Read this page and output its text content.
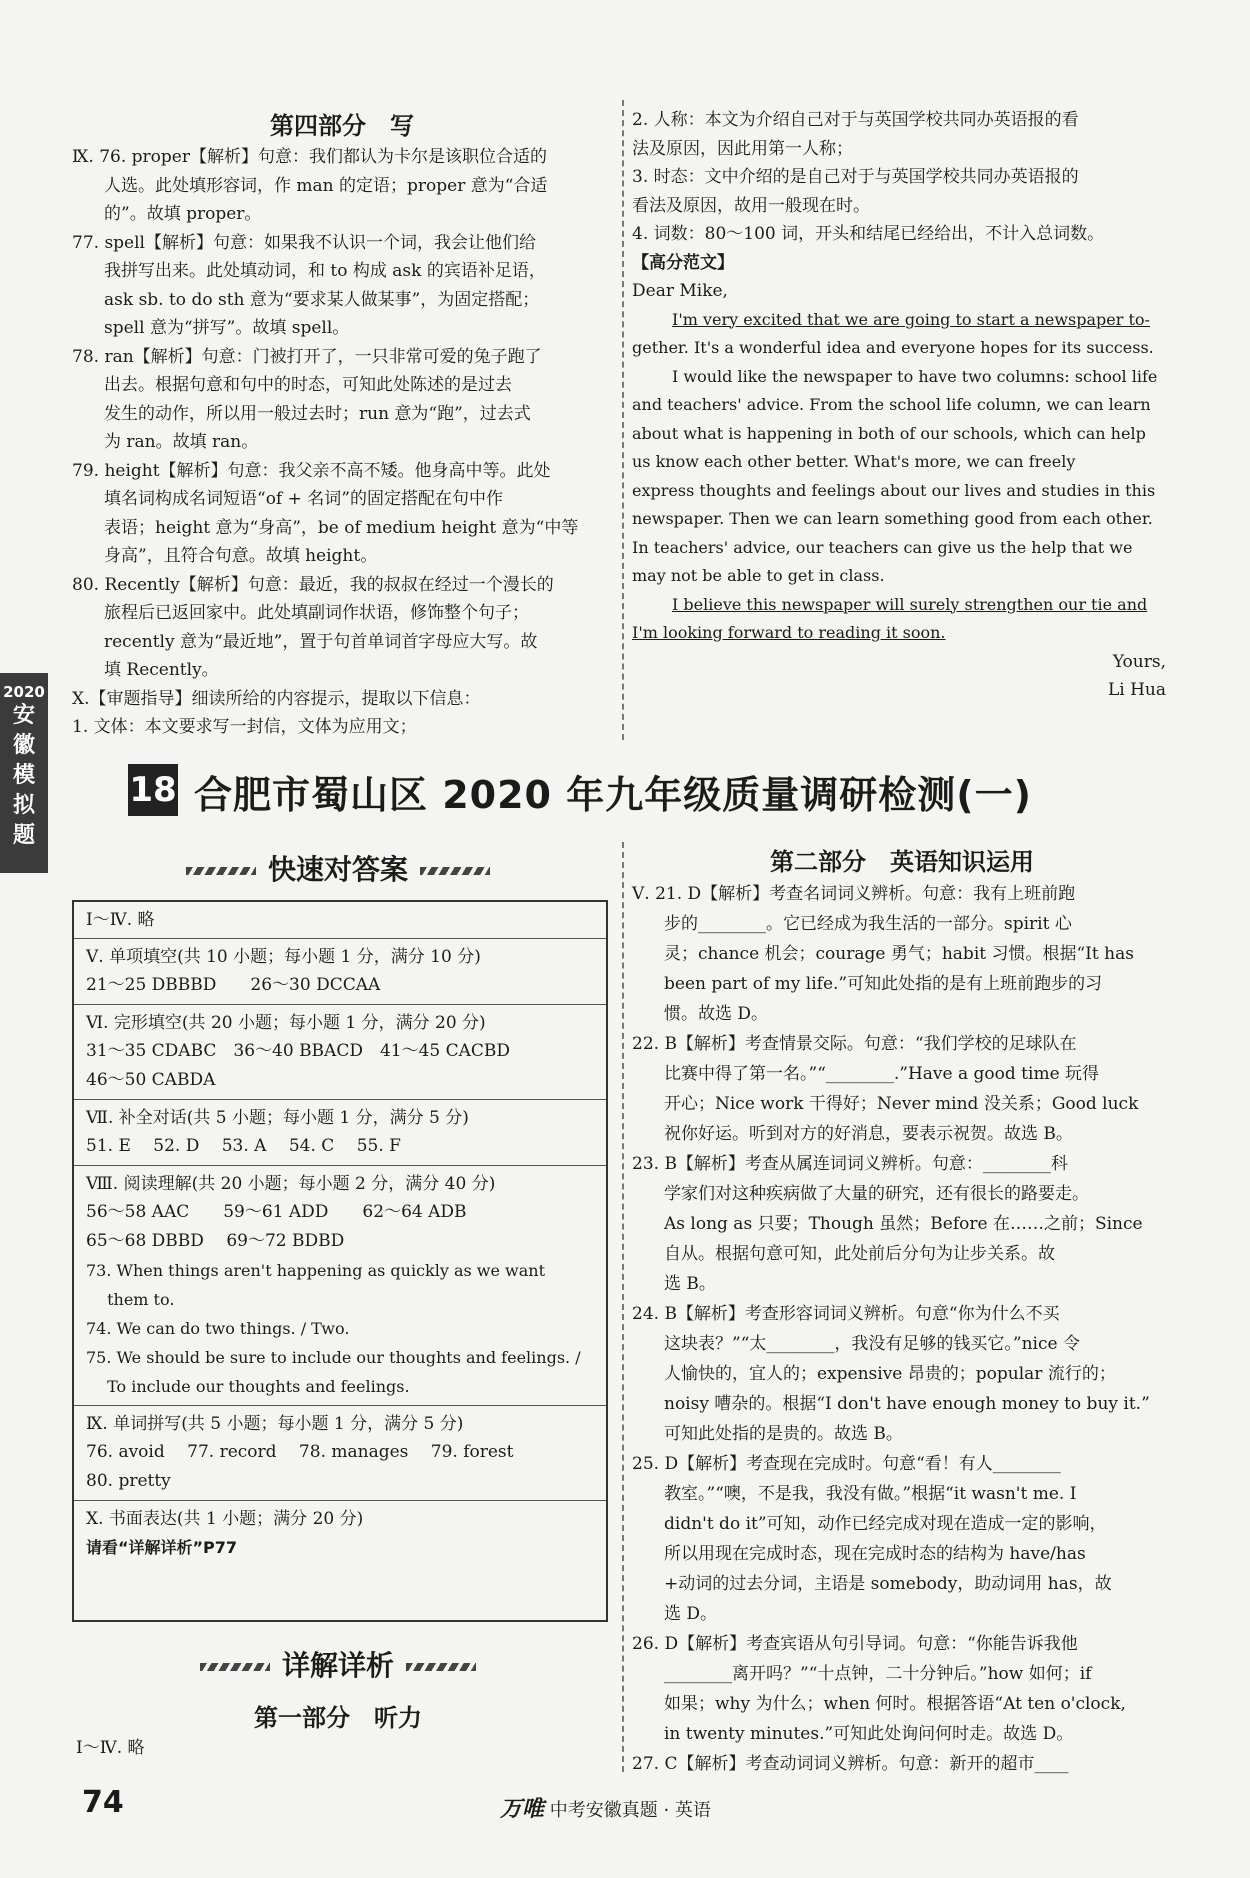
2020
安
徽
模
拟
题
第四部分　写
Ⅸ. 76. proper【解析】句意：我们都认为卡尔是该职位合适的
人选。此处填形容词，作 man 的定语；proper 意为“合适
的”。故填 proper。
77. spell【解析】句意：如果我不认识一个词，我会让他们给
我拼写出来。此处填动词，和 to 构成 ask 的宾语补足语，
ask sb. to do sth 意为“要求某人做某事”，为固定搭配；
spell 意为“拼写”。故填 spell。
78. ran【解析】句意：门被打开了，一只非常可爱的兔子跑了
出去。根据句意和句中的时态，可知此处陈述的是过去
发生的动作，所以用一般过去时；run 意为“跑”，过去式
为 ran。故填 ran。
79. height【解析】句意：我父亲不高不矮。他身高中等。此处
填名词构成名词短语“of + 名词”的固定搭配在句中作
表语；height 意为“身高”，be of medium height 意为“中等
身高”，且符合句意。故填 height。
80. Recently【解析】句意：最近，我的叔叔在经过一个漫长的
旅程后已返回家中。此处填副词作状语，修饰整个句子；
recently 意为“最近地”，置于句首单词首字母应大写。故
填 Recently。
Ⅹ.【审题指导】细读所给的内容提示，提取以下信息：
1. 文体：本文要求写一封信，文体为应用文；
2. 人称：本文为介绍自己对于与英国学校共同办英语报的看
法及原因，因此用第一人称；
3. 时态：文中介绍的是自己对于与英国学校共同办英语报的
看法及原因，故用一般现在时。
4. 词数：80～100 词，开头和结尾已经给出，不计入总词数。
【高分范文】
Dear Mike,
I'm very excited that we are going to start a newspaper to-
gether. It's a wonderful idea and everyone hopes for its success.
I would like the newspaper to have two columns: school life
and teachers' advice. From the school life column, we can learn
about what is happening in both of our schools, which can help
us know each other better. What's more, we can freely
express thoughts and feelings about our lives and studies in this
newspaper. Then we can learn something good from each other.
In teachers' advice, our teachers can give us the help that we
may not be able to get in class.
I believe this newspaper will surely strengthen our tie and
I'm looking forward to reading it soon.
Yours,
Li Hua
18 合肥市蜀山区 2020 年九年级质量调研检测(一)
快速对答案
Ⅰ～Ⅳ. 略
Ⅴ. 单项填空(共 10 小题；每小题 1 分，满分 10 分)
21～25 DBBBD　　26～30 DCCAA
Ⅵ. 完形填空(共 20 小题；每小题 1 分，满分 20 分)
31～35 CDABC　36～40 BBACD　41～45 CACBD
46～50 CABDA
Ⅶ. 补全对话(共 5 小题；每小题 1 分，满分 5 分)
51. E　 52. D　 53. A　 54. C　 55. F
Ⅷ. 阅读理解(共 20 小题；每小题 2 分，满分 40 分)
56～58 AAC　　59～61 ADD　　62～64 ADB
65～68 DBBD　 69～72 BDBD
73. When things aren't happening as quickly as we want
　 them to.
74. We can do two things. / Two.
75. We should be sure to include our thoughts and feelings. /
　 To include our thoughts and feelings.
Ⅸ. 单词拼写(共 5 小题；每小题 1 分，满分 5 分)
76. avoid　 77. record　 78. manages　 79. forest
80. pretty
Ⅹ. 书面表达(共 1 小题；满分 20 分)
请看“详解详析”P77
详解详析
第一部分　听力
Ⅰ～Ⅳ. 略
第二部分　英语知识运用
Ⅴ. 21. D【解析】考查名词词义辨析。句意：我有上班前跑
步的________。它已经成为我生活的一部分。spirit 心
灵；chance 机会；courage 勇气；habit 习惯。根据“It has
been part of my life.”可知此处指的是有上班前跑步的习
惯。故选 D。
22. B【解析】考查情景交际。句意：“我们学校的足球队在
比赛中得了第一名。”“________.”Have a good time 玩得
开心；Nice work 干得好；Never mind 没关系；Good luck
祝你好运。听到对方的好消息，要表示祝贺。故选 B。
23. B【解析】考查从属连词词义辨析。句意：________科
学家们对这种疾病做了大量的研究，还有很长的路要走。
As long as 只要；Though 虽然；Before 在……之前；Since
自从。根据句意可知，此处前后分句为让步关系。故
选 B。
24. B【解析】考查形容词词义辨析。句意“你为什么不买
这块表？”“太________，我没有足够的钱买它。”nice 令
人愉快的，宜人的；expensive 昂贵的；popular 流行的；
noisy 嘈杂的。根据“I don't have enough money to buy it.”
可知此处指的是贵的。故选 B。
25. D【解析】考查现在完成时。句意“看！有人________
教室。”“噢，不是我，我没有做。”根据“it wasn't me. I
didn't do it”可知，动作已经完成对现在造成一定的影响，
所以用现在完成时态，现在完成时态的结构为 have/has
+动词的过去分词，主语是 somebody，助动词用 has，故
选 D。
26. D【解析】考查宾语从句引导词。句意：“你能告诉我他
________离开吗？”“十点钟，二十分钟后。”how 如何；if
如果；why 为什么；when 何时。根据答语“At ten o'clock,
in twenty minutes.”可知此处询问何时走。故选 D。
27. C【解析】考查动词词义辨析。句意：新开的超市____
74	万唯 中考安徽真题 · 英语
